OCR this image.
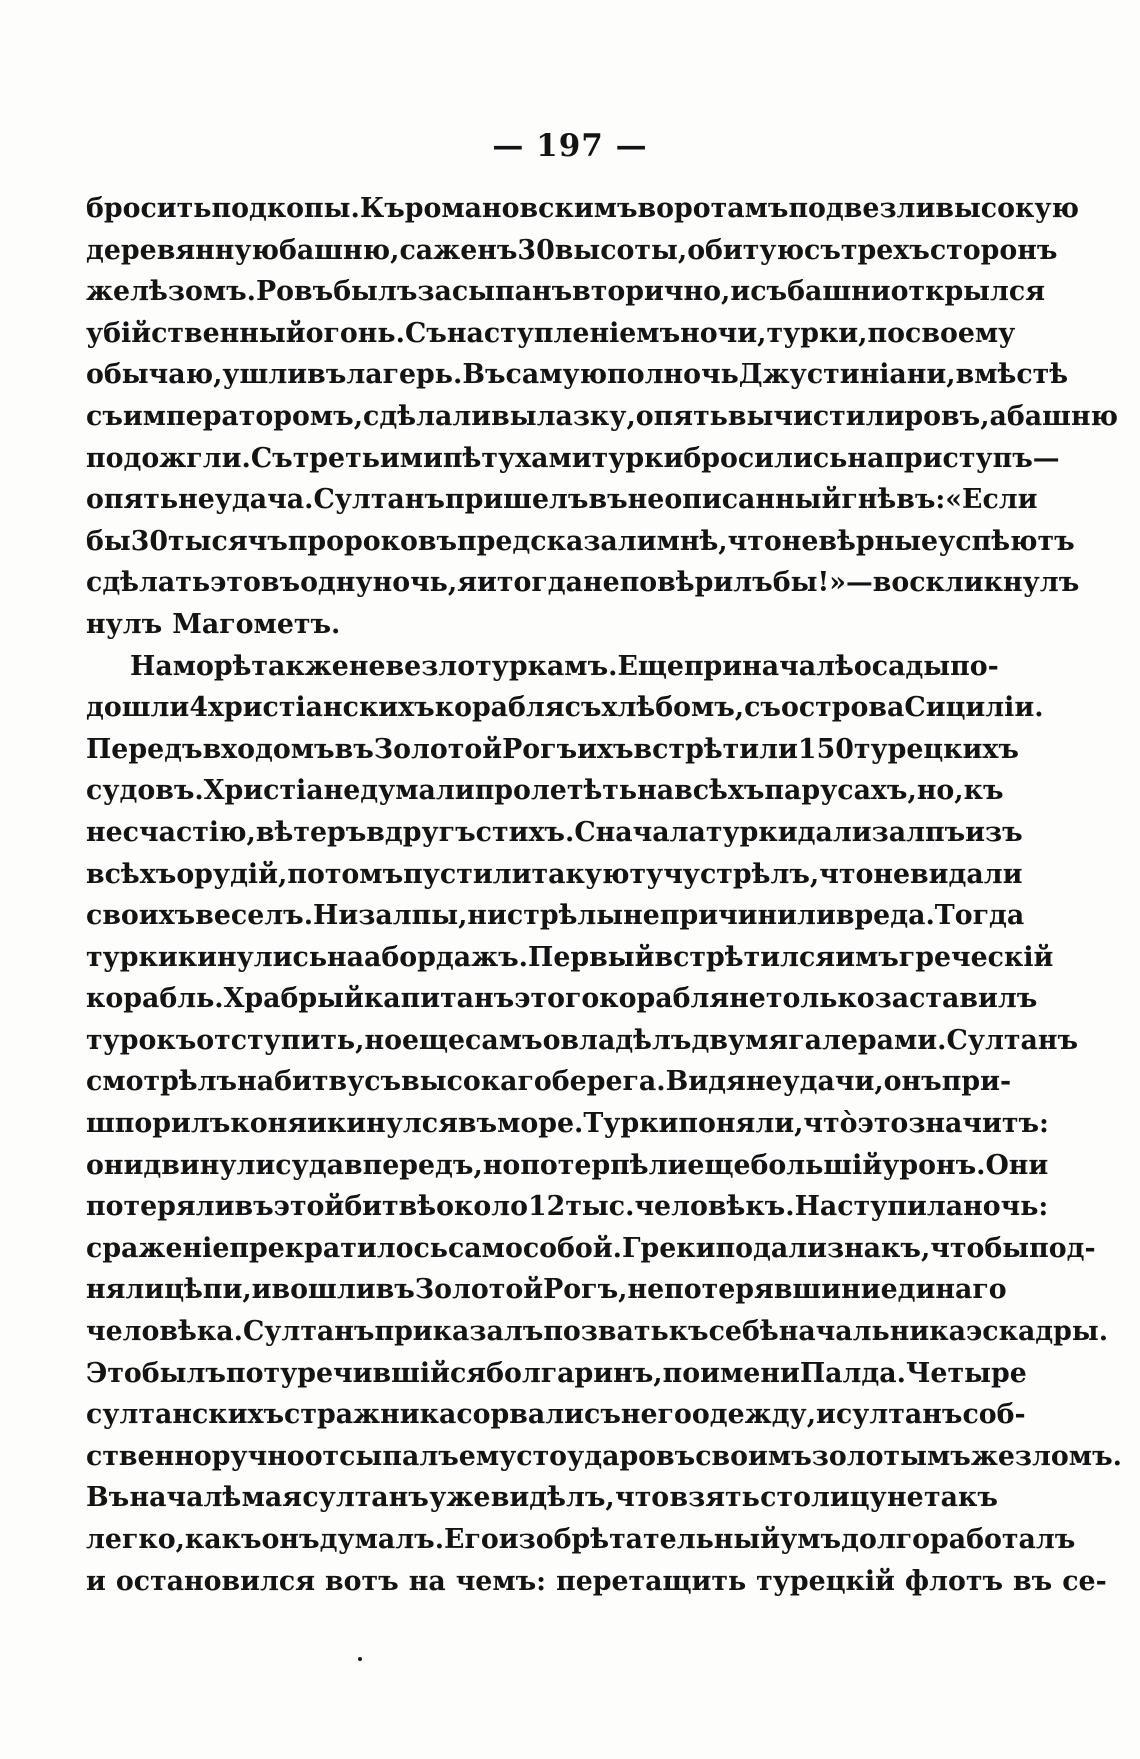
— 197 —
бросить подкопы. Къ романовскимъ воротамъ подвезли высокую
деревянную башню, саженъ 30 высоты, обитую съ трехъ сторонъ
желѣзомъ. Ровъ былъ засыпанъ вторично, и съ башни открылся
убійственный огонь. Съ наступленіемъ ночи, турки, по своему
обычаю, ушли въ лагерь. Въ самую полночь Джустиніани, вмѣстѣ
съ императоромъ, сдѣлали вылазку, опять вычистили ровъ, а башню
подожгли. Съ третьими пѣтухами турки бросились на приступъ—
опять неудача. Султанъ пришелъ въ неописанный гнѣвъ: «Если
бы 30 тысячъ пророковъ предсказали мнѣ, что невѣрные успѣютъ
сдѣлать это въ одну ночь, я и тогда не повѣрилъ бы!»—воскликнулъ
нулъ Магометъ.
На морѣ также не везло туркамъ. Еще при началѣ осады по-
дошли 4 христіанскихъ корабля съ хлѣбомъ, съ острова Сициліи.
Передъ входомъ въ Золотой Рогъ ихъ встрѣтили 150 турецкихъ
судовъ. Христіане думали пролетѣть на всѣхъ парусахъ, но, къ
несчастію, вѣтеръ вдругъ стихъ. Сначала турки дали залпъ изъ
всѣхъ орудій, потомъ пустили такую тучу стрѣлъ, что не видали
своихъ веселъ. Ни залпы, ни стрѣлы не причинили вреда. Тогда
турки кинулись на абордажъ. Первый встрѣтился имъ греческій
корабль. Храбрый капитанъ этого корабля не только заставилъ
турокъ отступить, но еще самъ овладѣлъ двумя галерами. Султанъ
смотрѣлъ на битву съ высокаго берега. Видя неудачи, онъ при-
шпорилъ коня и кинулся въ море. Турки поняли, что̀ это значитъ:
они двинули суда впередъ, но потерпѣли еще большій уронъ. Они
потеряли въ этой битвѣ около 12 тыс. человѣкъ. Наступила ночь:
сраженіе прекратилось само собой. Греки подали знакъ, чтобы под-
няли цѣпи, и вошли въ Золотой Рогъ, не потерявши ни единаго
человѣка. Султанъ приказалъ позвать къ себѣ начальника эскадры.
Это былъ потуречившійся болгаринъ, по имени Палда. Четыре
султанскихъ стражника сорвали съ него одежду, и султанъ соб-
ственноручно отсыпалъ ему сто ударовъ своимъ золотымъ жезломъ.
Въ началѣ мая султанъ уже видѣлъ, что взять столицу не такъ
легко, какъ онъ думалъ. Его изобрѣтательный умъ долго работалъ
и остановился вотъ на чемъ: перетащить турецкій флотъ въ се-
